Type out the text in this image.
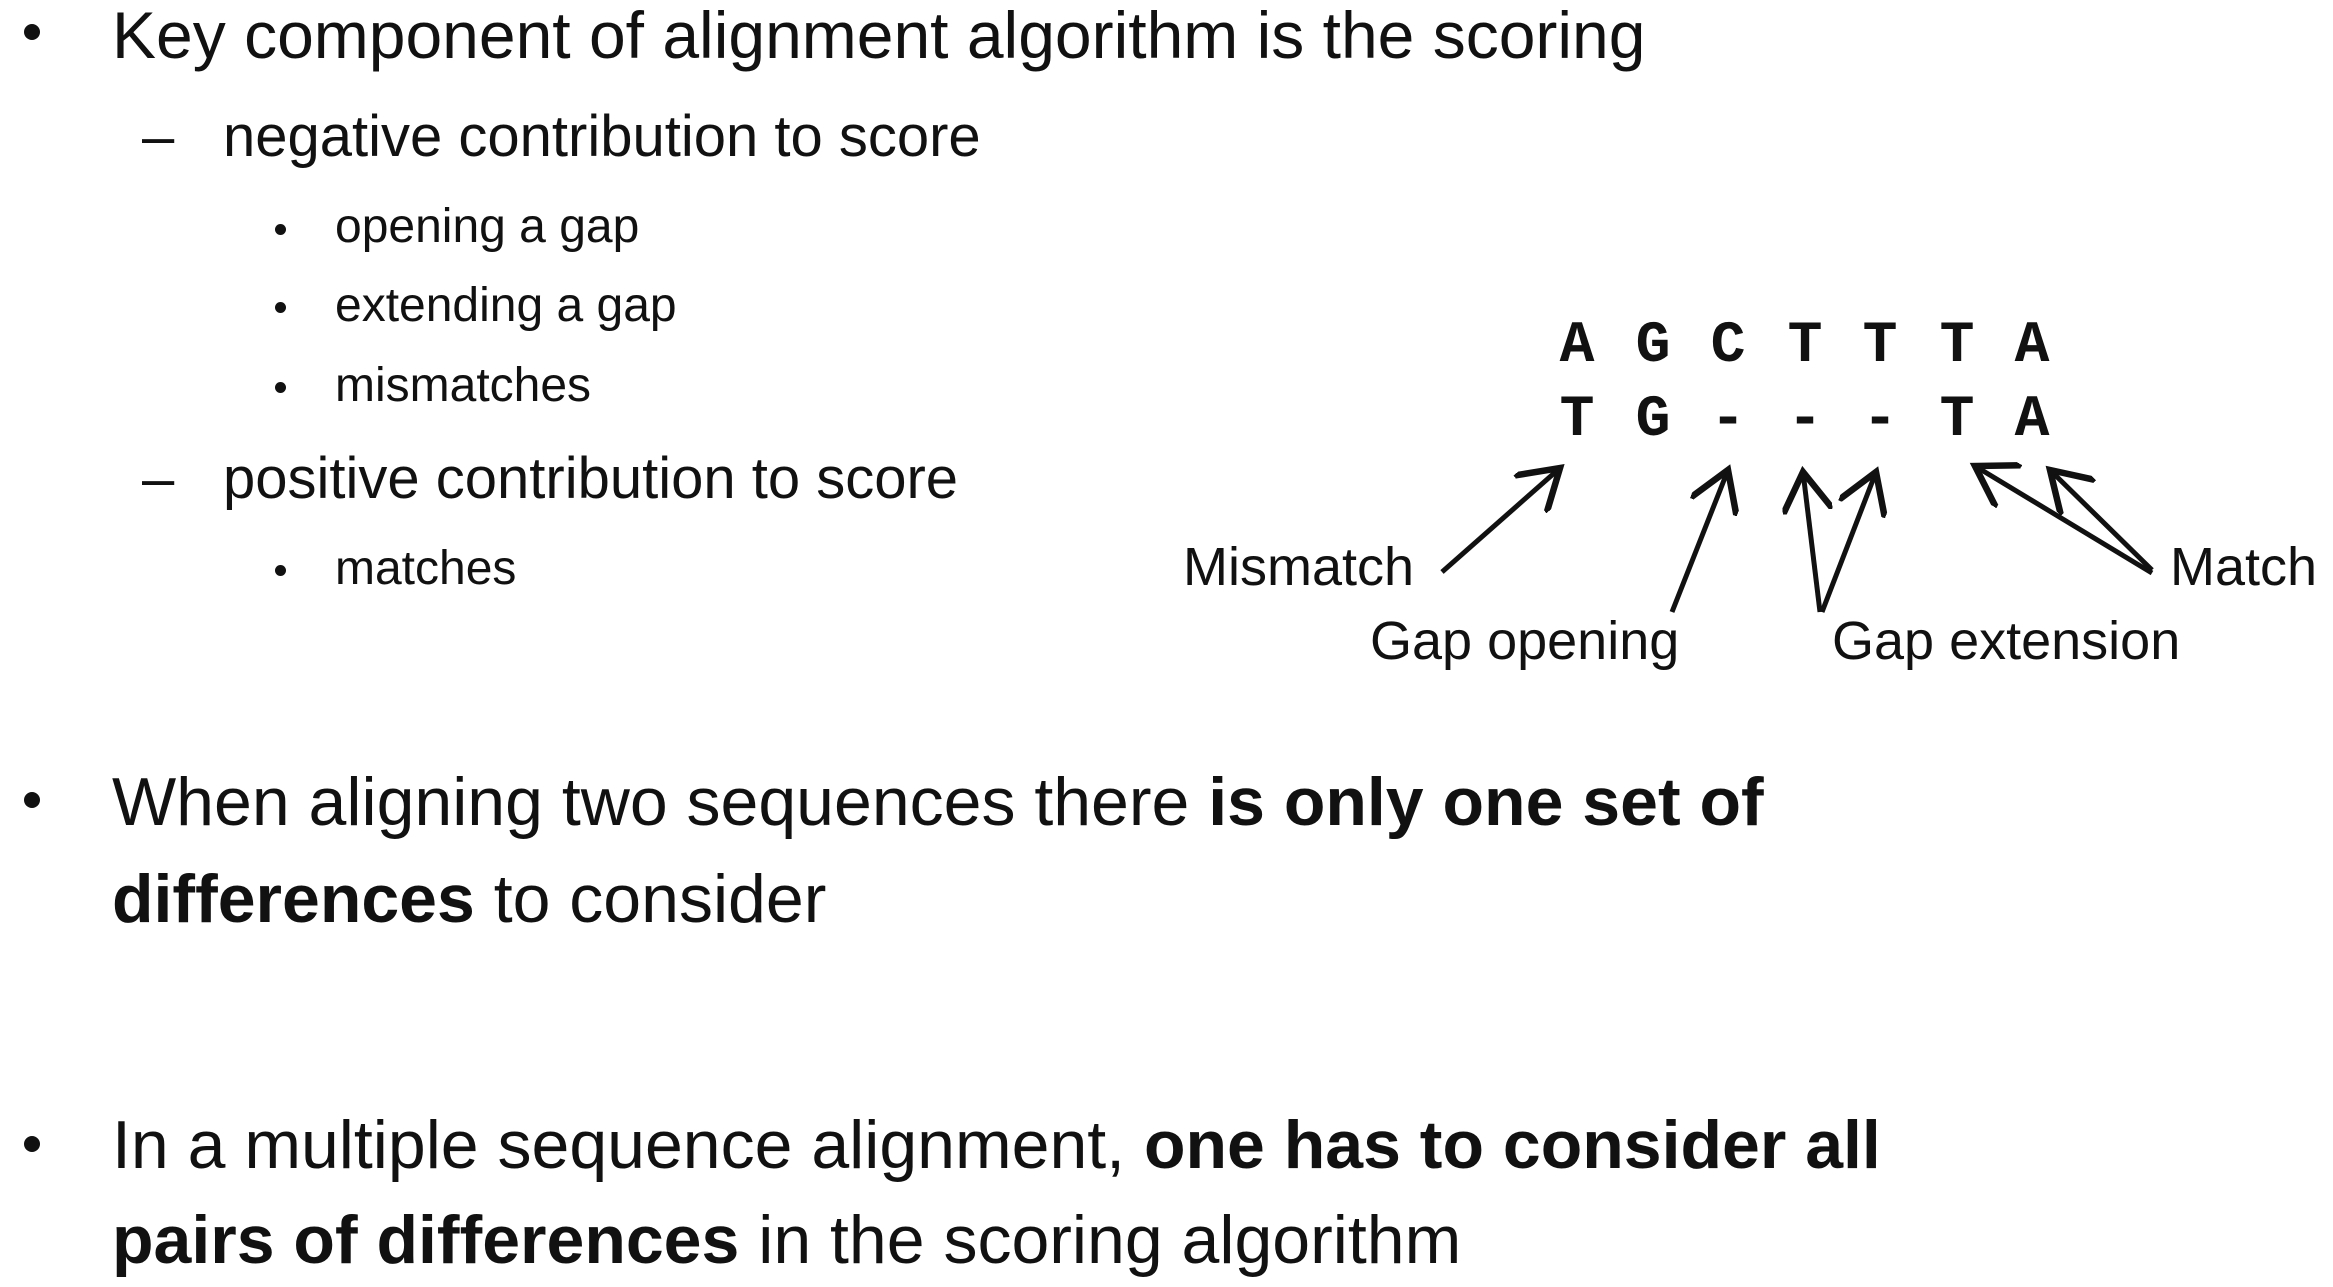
Key component of alignment algorithm is the scoring
– negative contribution to score
opening a gap
extending a gap
mismatches
– positive contribution to score
matches
A G C T T T A
T G - - - T A
Mismatch
Gap opening	Gap extension
Match
When aligning two sequences there is only one set of
differences to consider
In a multiple sequence alignment, one has to consider all
pairs of differences in the scoring algorithm
